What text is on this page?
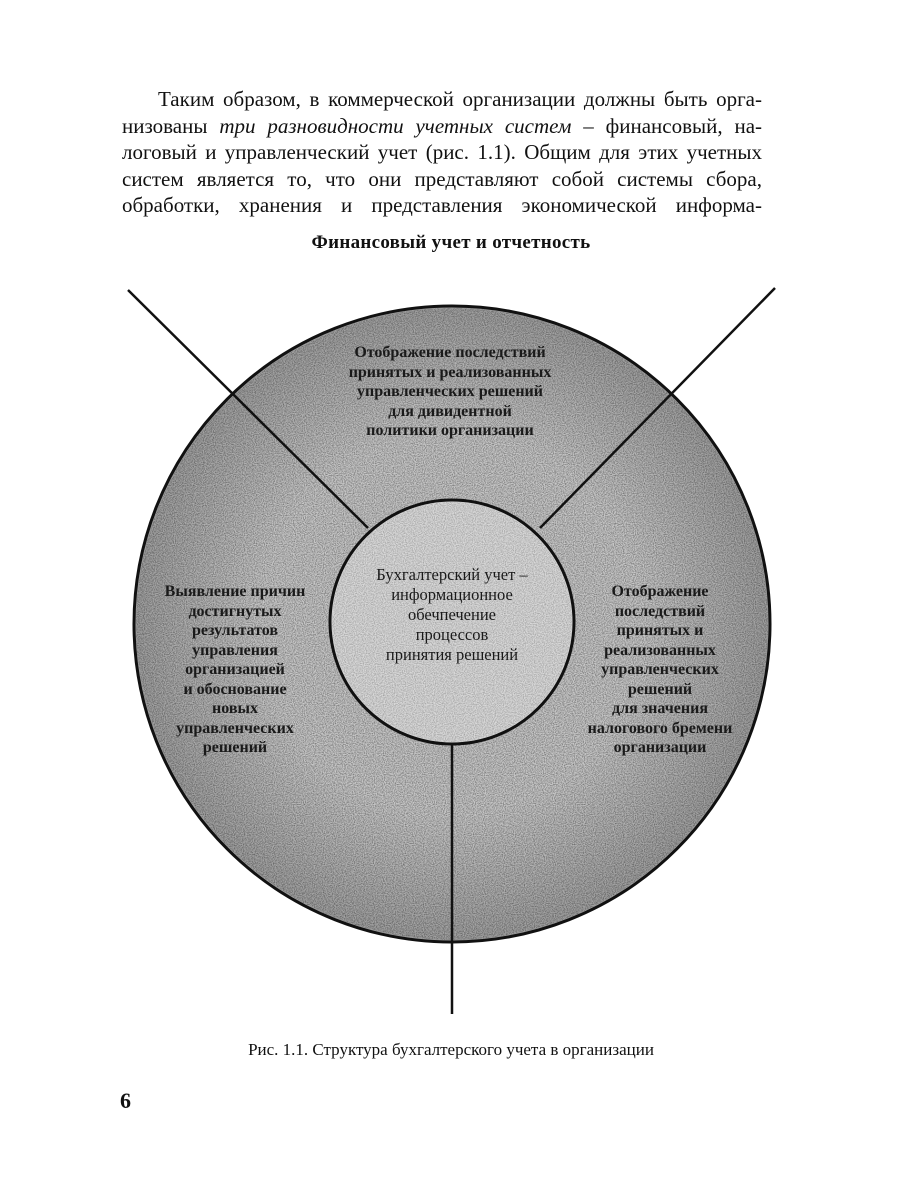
Таким образом, в коммерческой организации должны быть орга-
низованы три разновидности учетных систем – финансовый, на-
логовый и управленческий учет (рис. 1.1). Общим для этих учетных
систем является то, что они представляют собой системы сбора,
обработки, хранения и представления экономической информа-
Финансовый учет и отчетность
Отображение последствий
принятых и реализованных
управленческих решений
для дивидентной
политики организации
Выявление причин
достигнутых
результатов
управления
организацией
и обоснование
новых
управленческих
решений
Отображение
последствий
принятых и
реализованных
управленческих
решений
для значения
налогового бремени
организации
Бухгалтерский учет –
информационное
обечпечение
процессов
принятия решений
Рис. 1.1. Структура бухгалтерского учета в организации
6
